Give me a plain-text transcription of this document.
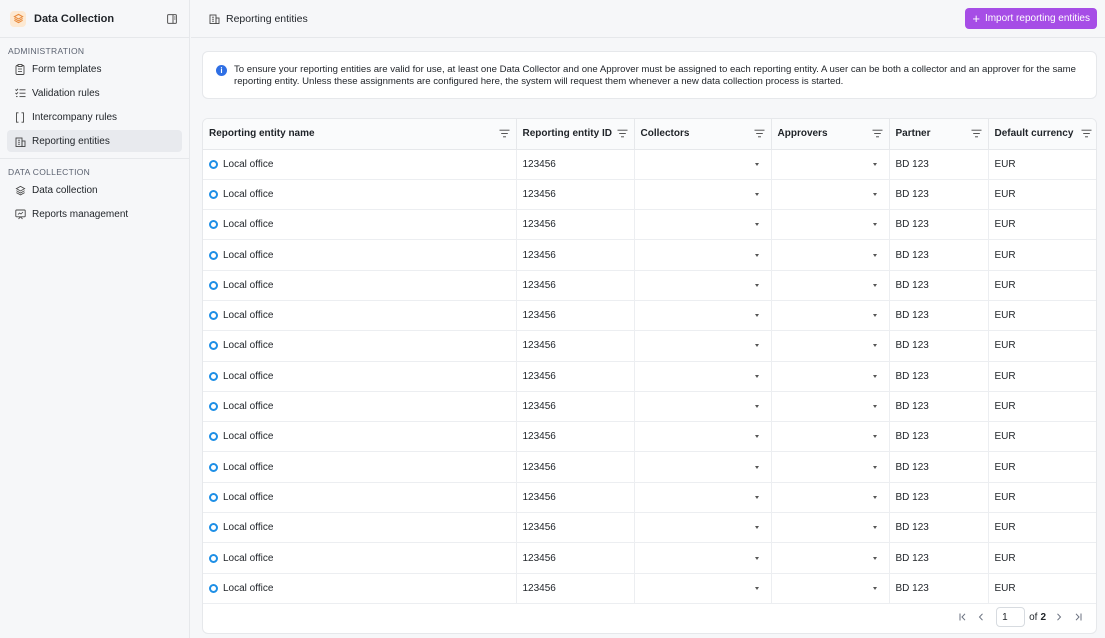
Data Collection
ADMINISTRATION
Form templates
Validation rules
Intercompany rules
Reporting entities
DATA COLLECTION
Data collection
Reports management
Reporting entities	+ Import reporting entities
i	To ensure your reporting entities are valid for use, at least one Data Collector and one Approver must be assigned to each reporting entity. A user can be both a collector and an approver for the same reporting entity. Unless these assignments are configured here, the system will request them whenever a new data collection process is started.
Reporting entity name	Reporting entity ID	Collectors	Approvers	Partner	Default currency

Local office	123456			BD 123	EUR

Local office	123456			BD 123	EUR

Local office	123456			BD 123	EUR

Local office	123456			BD 123	EUR

Local office	123456			BD 123	EUR

Local office	123456			BD 123	EUR

Local office	123456			BD 123	EUR

Local office	123456			BD 123	EUR

Local office	123456			BD 123	EUR

Local office	123456			BD 123	EUR

Local office	123456			BD 123	EUR

Local office	123456			BD 123	EUR

Local office	123456			BD 123	EUR

Local office	123456			BD 123	EUR

Local office	123456			BD 123	EUR
1	of 2
